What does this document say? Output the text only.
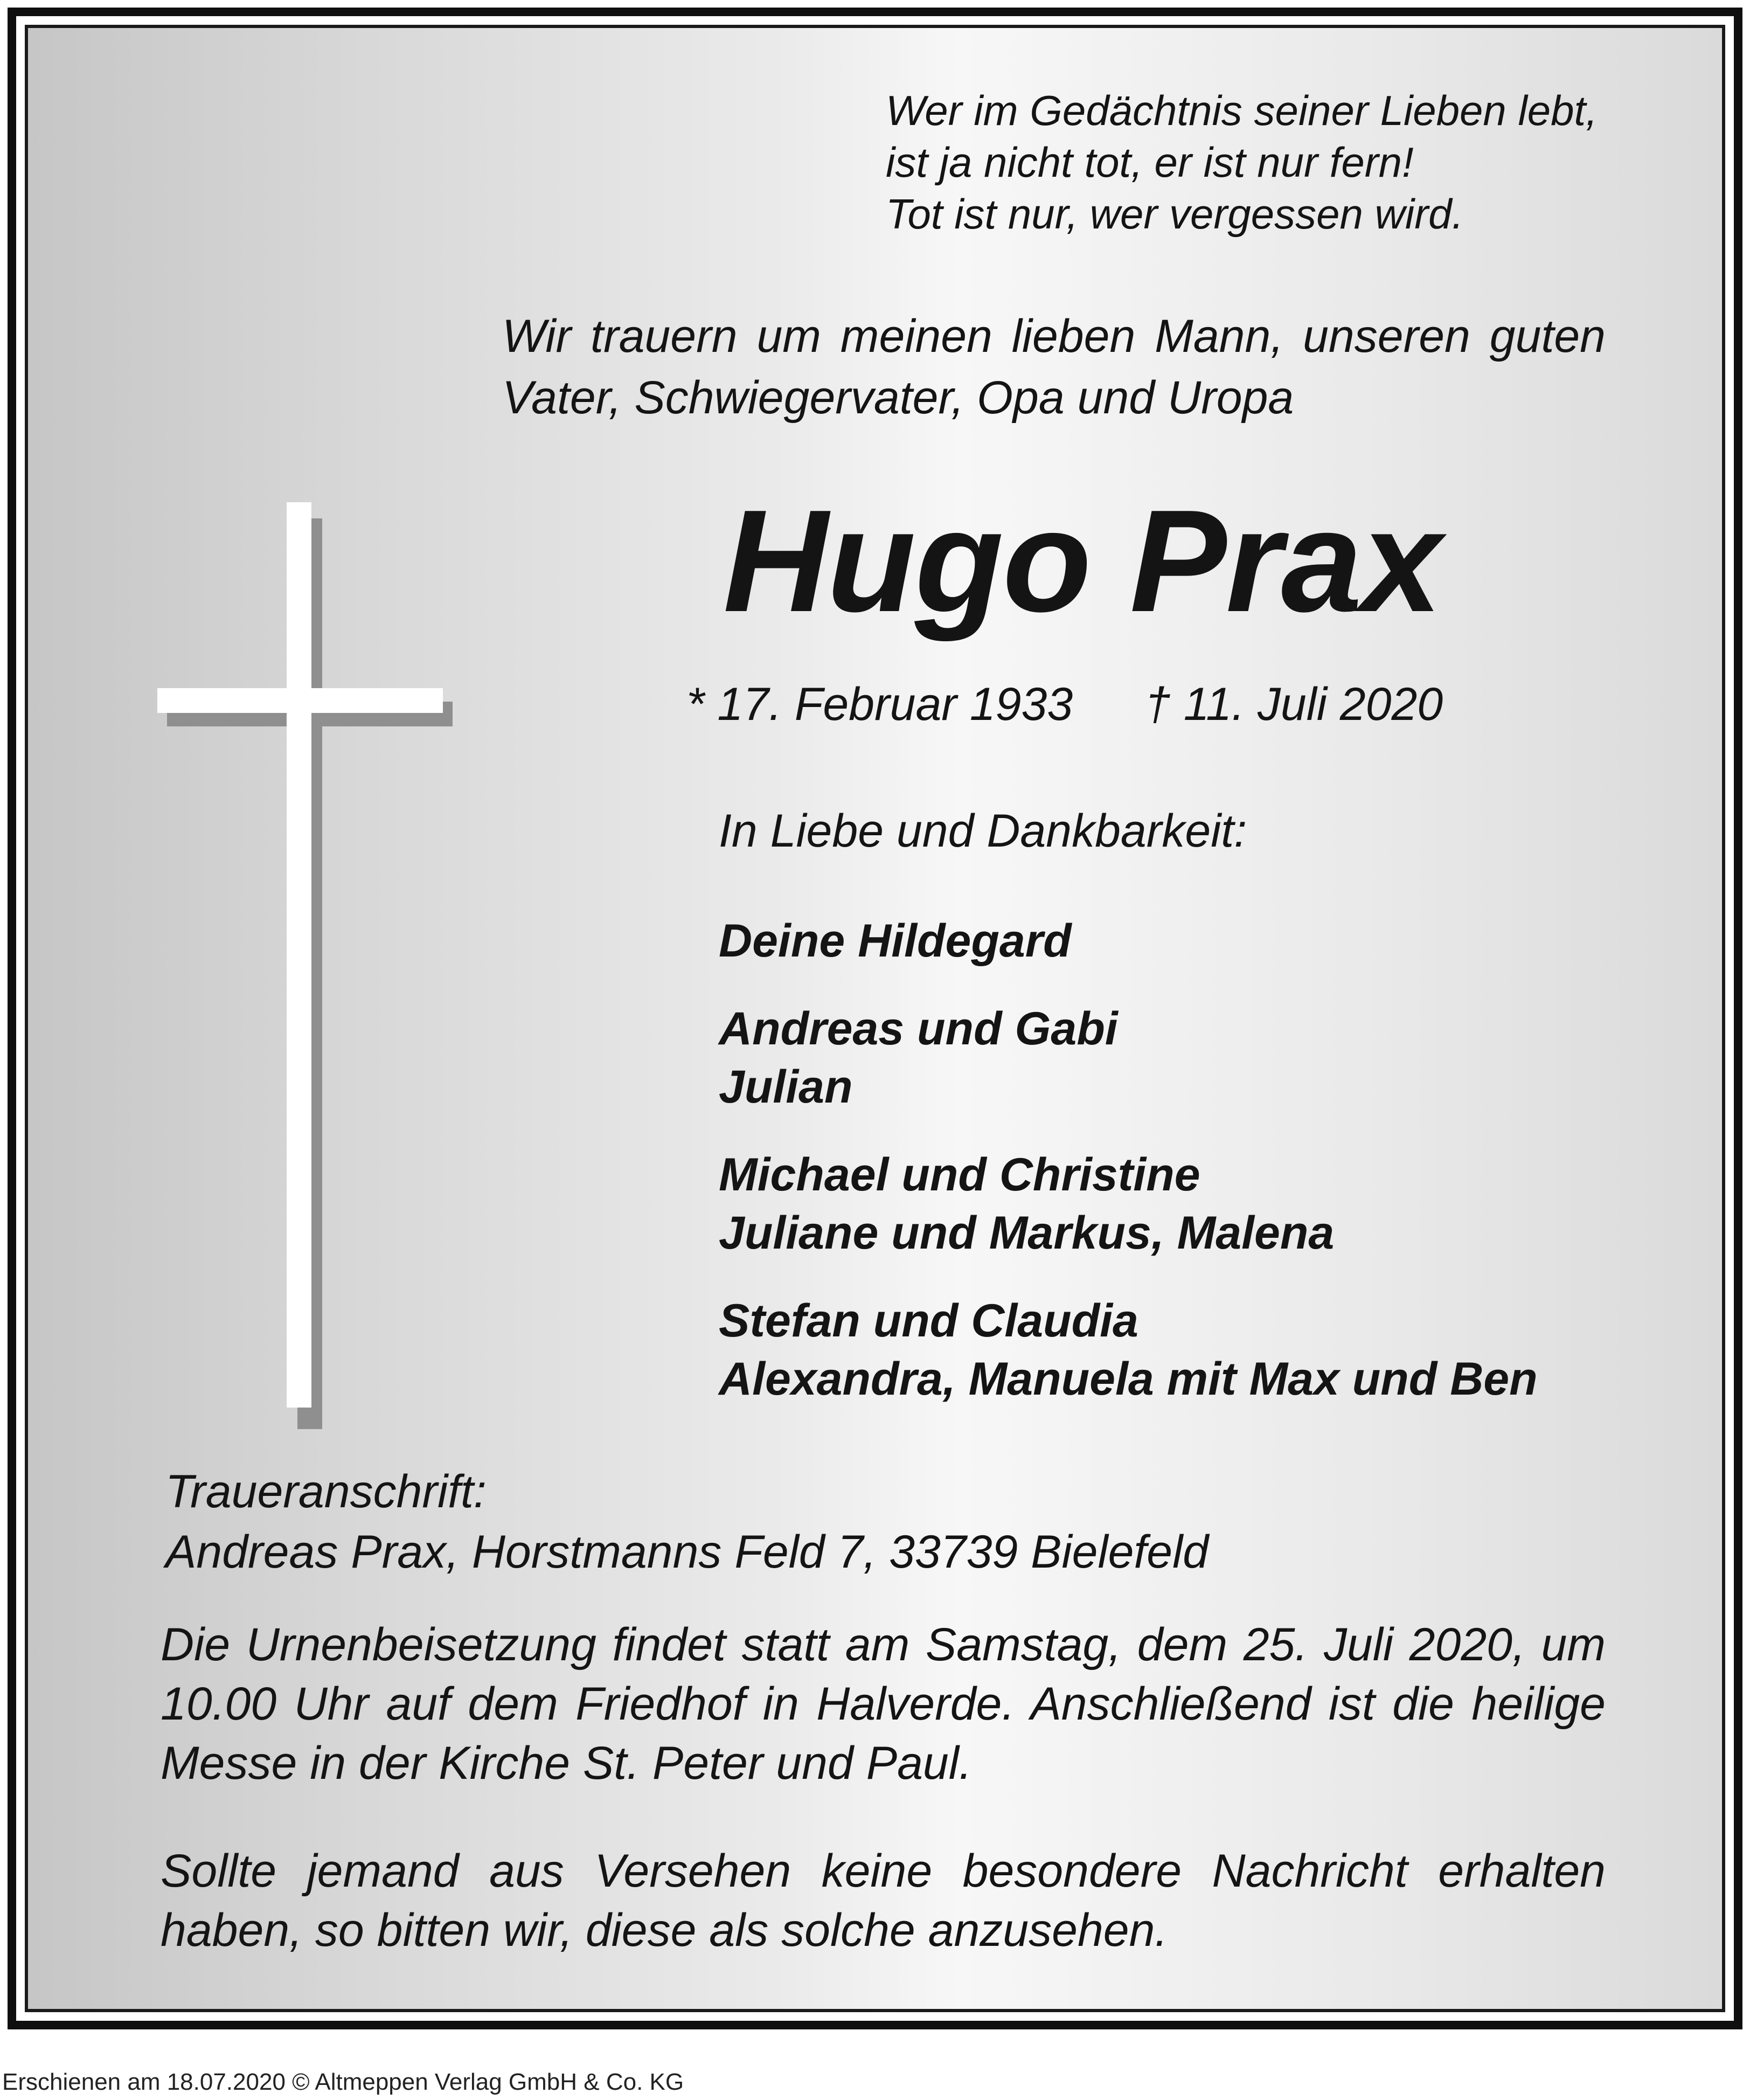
Wer im Gedächtnis seiner Lieben lebt,
ist ja nicht tot, er ist nur fern!
Tot ist nur, wer vergessen wird.

Wir trauern um meinen lieben Mann, unseren guten
Vater, Schwiegervater, Opa und Uropa

Hugo Prax
* 17. Februar 1933 † 11. Juli 2020

In Liebe und Dankbarkeit:

Deine Hildegard
Andreas und Gabi
Julian
Michael und Christine
Juliane und Markus, Malena
Stefan und Claudia
Alexandra, Manuela mit Max und Ben
Traueranschrift:
Andreas Prax, Horstmanns Feld 7, 33739 Bielefeld

Die Urnenbeisetzung findet statt am Samstag, dem 25. Juli 2020, um
10.00 Uhr auf dem Friedhof in Halverde. Anschließend ist die heilige
Messe in der Kirche St. Peter und Paul.

Sollte jemand aus Versehen keine besondere Nachricht erhalten
haben, so bitten wir, diese als solche anzusehen.

Erschienen am 18.07.2020 © Altmeppen Verlag GmbH & Co. KG
